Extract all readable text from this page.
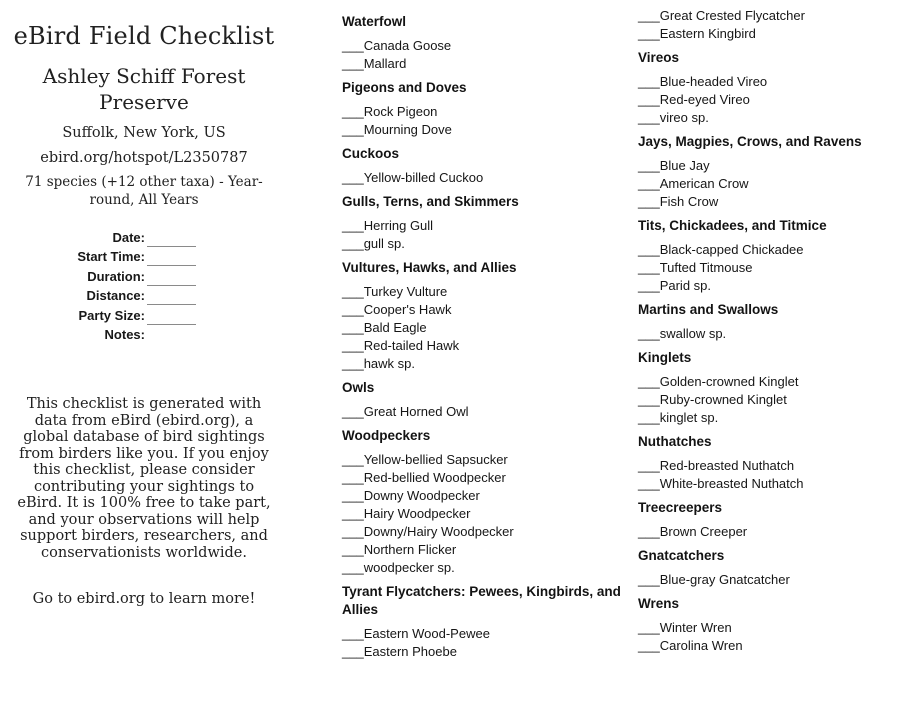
eBird Field Checklist
Ashley Schiff Forest Preserve
Suffolk, New York, US
ebird.org/hotspot/L2350787
71 species (+12 other taxa) - Year-round, All Years
Date:
Start Time:
Duration:
Distance:
Party Size:
Notes:

This checklist is generated with data from eBird (ebird.org), a global database of bird sightings from birders like you. If you enjoy this checklist, please consider contributing your sightings to eBird. It is 100% free to take part, and your observations will help support birders, researchers, and conservationists worldwide.

Go to ebird.org to learn more!

Waterfowl
___Canada Goose
___Mallard
Pigeons and Doves
___Rock Pigeon
___Mourning Dove
Cuckoos
___Yellow-billed Cuckoo
Gulls, Terns, and Skimmers
___Herring Gull
___gull sp.
Vultures, Hawks, and Allies
___Turkey Vulture
___Cooper's Hawk
___Bald Eagle
___Red-tailed Hawk
___hawk sp.
Owls
___Great Horned Owl
Woodpeckers
___Yellow-bellied Sapsucker
___Red-bellied Woodpecker
___Downy Woodpecker
___Hairy Woodpecker
___Downy/Hairy Woodpecker
___Northern Flicker
___woodpecker sp.
Tyrant Flycatchers: Pewees, Kingbirds, and Allies
___Eastern Wood-Pewee
___Eastern Phoebe
___Great Crested Flycatcher
___Eastern Kingbird
Vireos
___Blue-headed Vireo
___Red-eyed Vireo
___vireo sp.
Jays, Magpies, Crows, and Ravens
___Blue Jay
___American Crow
___Fish Crow
Tits, Chickadees, and Titmice
___Black-capped Chickadee
___Tufted Titmouse
___Parid sp.
Martins and Swallows
___swallow sp.
Kinglets
___Golden-crowned Kinglet
___Ruby-crowned Kinglet
___kinglet sp.
Nuthatches
___Red-breasted Nuthatch
___White-breasted Nuthatch
Treecreepers
___Brown Creeper
Gnatcatchers
___Blue-gray Gnatcatcher
Wrens
___Winter Wren
___Carolina Wren
